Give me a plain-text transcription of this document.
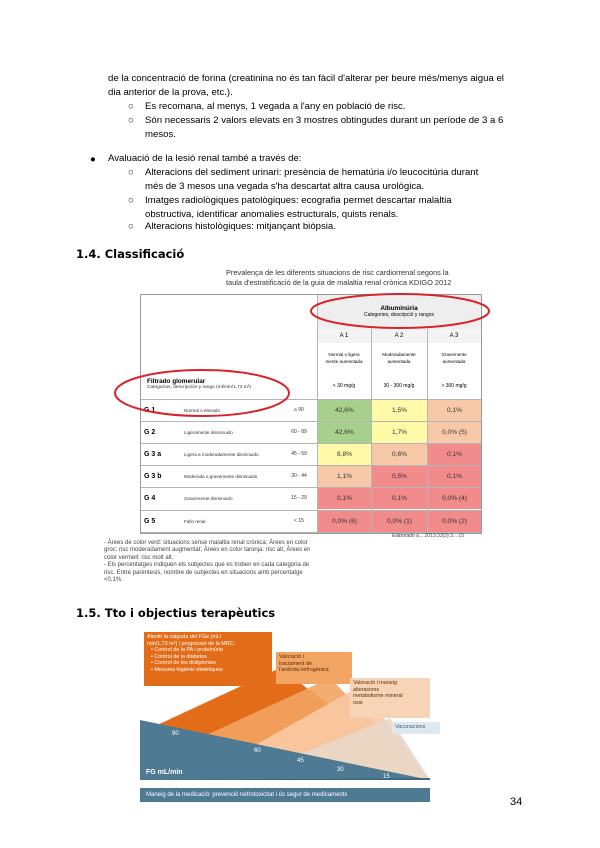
de la concentració de forina (creatinina no és tan fàcil d'alterar per beure més/menys aigua el
dia anterior de la prova, etc.).
○ Es recomana, al menys, 1 vegada a l'any en població de risc.
○ Són necessaris 2 valors elevats en 3 mostres obtingudes durant un període de 3 a 6
mesos.
● Avaluació de la lesió renal també a través de:
○ Alteracions del sediment urinari: presència de hematúria i/o leucocitúria durant
més de 3 mesos una vegada s'ha descartat altra causa urològica.
○ Imatges radiològiques patològiques: ecografia permet descartar malaltia
obstructiva, identificar anomalies estructurals, quists renals.
○ Alteracions histològiques: mitjançant biòpsia.
1.4. Classificació
Prevalença de les diferents situacions de risc cardiorrenal segons la
taula d'estratificació de la guia de malaltia renal crònica KDIGO 2012
Albuminúria
Categories, descripció y rangos
A 1	A 2	A 3
Normal o ligera
mente aumentada
Moderadamente
aumentada
Gravemente
aumentada
< 30 mg/g	30 - 300 mg/g	> 300 mg/g
Filtrado glomerular
Categorías, descripción y rango (ml/min/1,73 m²)
G 1	Normal o elevado	≥ 90	42,6%	1,5%	0,1%
G 2	Ligeramente disminuido	60 - 89	42,6%	1,7%	0,0% (5)
G 3 a	Ligera a moderadamente disminuido	45 - 59	8,8%	0,6%	0,1%
G 3 b	Moderada a gravemente disminuido	30 - 44	1,1%	0,5%	0,1%
G 4	Gravemente disminuido	15 - 29	0,1%	0,1%	0,0% (4)
G 5	Fallo renal	< 15	0,0% (6)	0,0% (1)	0,0% (2)
Elaborado a... 2013;33(3):3... 15
- Àrees de color verd: situacions sense malaltia renal crònica; Àrees en color
groc: risc moderadament augmentat; Àrees en color taronja: risc alt; Àrees en
color vermell: risc molt alt.
- Els percentatges indiquen els subjectes que es troben en cada categoria de
risc. Entre parèntesis, nombre de subjectes en situacions amb percentatge
<0,1%.
1.5. Tto i objectius terapèutics
Alentir la caiguda del FGe (mL/
min/1,73 m²) i progressió de la MRC:
• Control de la PA i proteïnúria
• Control de la diabetes
• Control de les dislipèmies
• Mesures higiènic-dietètiques
Valoració i
tractament de
l'anèmia nefrogènica
Valoració i maneig
alteracions
metabolisme mineral
ossi
Vacunacions
90
60
45
30
15
FG mL/min
Maneig de la medicació: prevenció nefrotoxicitat i ús segur de medicaments
34
